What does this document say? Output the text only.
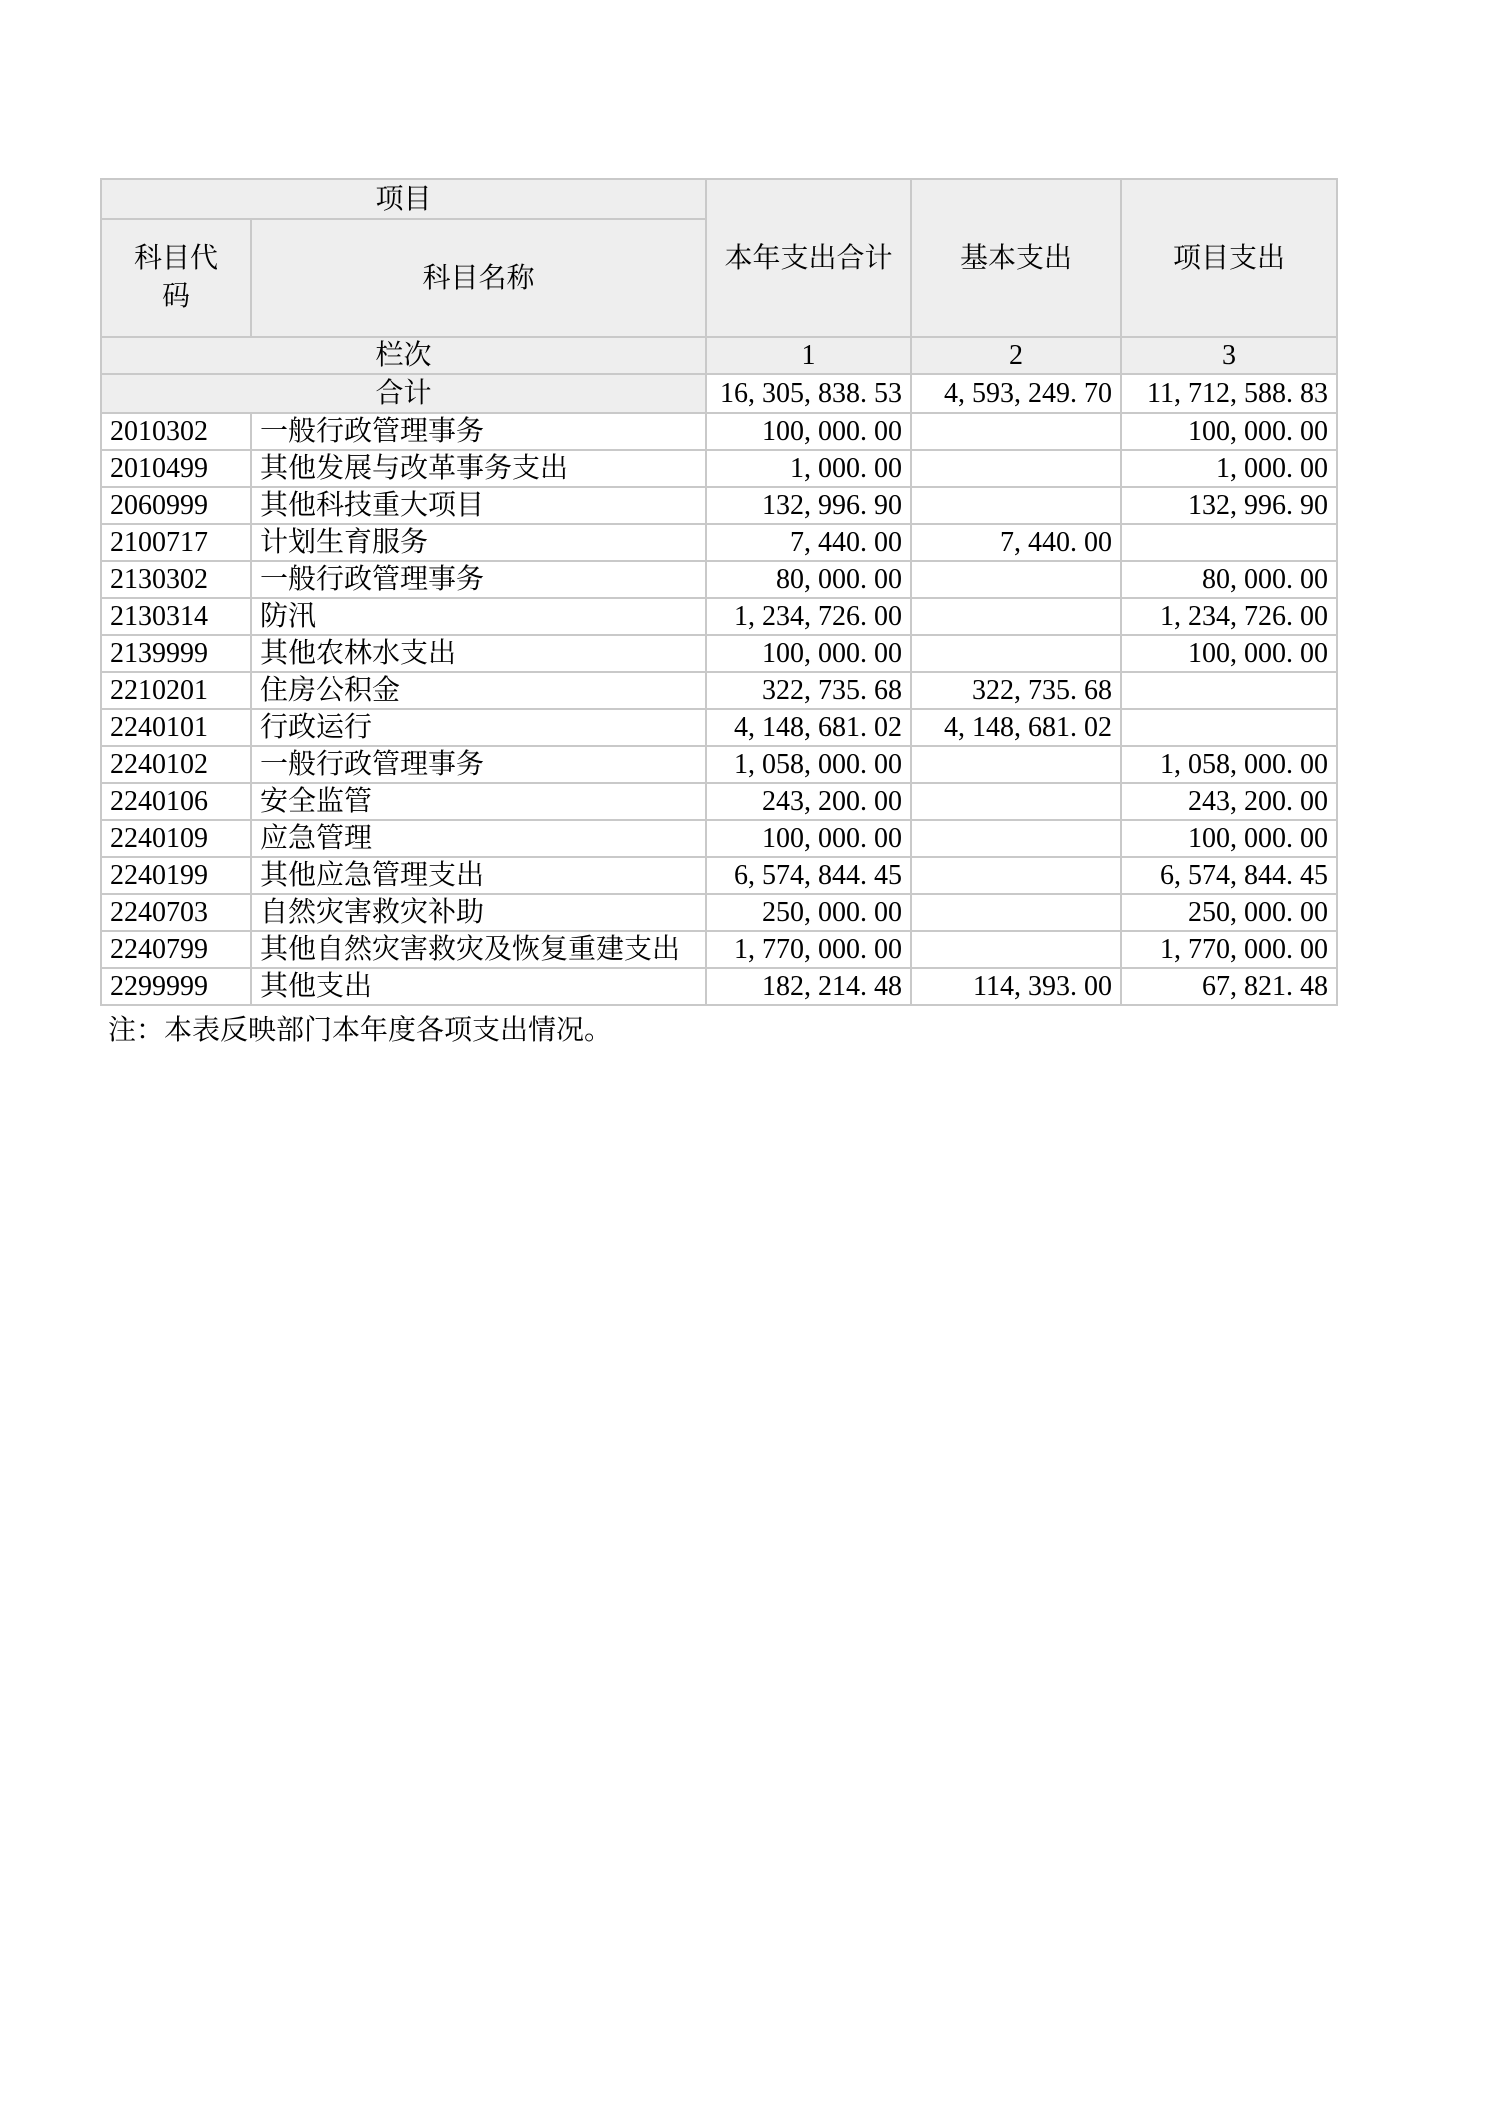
项目		本年支出合计	基本支出	项目支出
科目代码	科目名称			
栏次		1	2	3
合计		16, 305, 838. 53	4, 593, 249. 70	11, 712, 588. 83
2010302	一般行政管理事务	100, 000. 00		100, 000. 00
2010499	其他发展与改革事务支出	1, 000. 00		1, 000. 00
2060999	其他科技重大项目	132, 996. 90		132, 996. 90
2100717	计划生育服务	7, 440. 00	7, 440. 00	
2130302	一般行政管理事务	80, 000. 00		80, 000. 00
2130314	防汛	1, 234, 726. 00		1, 234, 726. 00
2139999	其他农林水支出	100, 000. 00		100, 000. 00
2210201	住房公积金	322, 735. 68	322, 735. 68	
2240101	行政运行	4, 148, 681. 02	4, 148, 681. 02	
2240102	一般行政管理事务	1, 058, 000. 00		1, 058, 000. 00
2240106	安全监管	243, 200. 00		243, 200. 00
2240109	应急管理	100, 000. 00		100, 000. 00
2240199	其他应急管理支出	6, 574, 844. 45		6, 574, 844. 45
2240703	自然灾害救灾补助	250, 000. 00		250, 000. 00
2240799	其他自然灾害救灾及恢复重建支出	1, 770, 000. 00		1, 770, 000. 00
2299999	其他支出	182, 214. 48	114, 393. 00	67, 821. 48
注：本表反映部门本年度各项支出情况。
